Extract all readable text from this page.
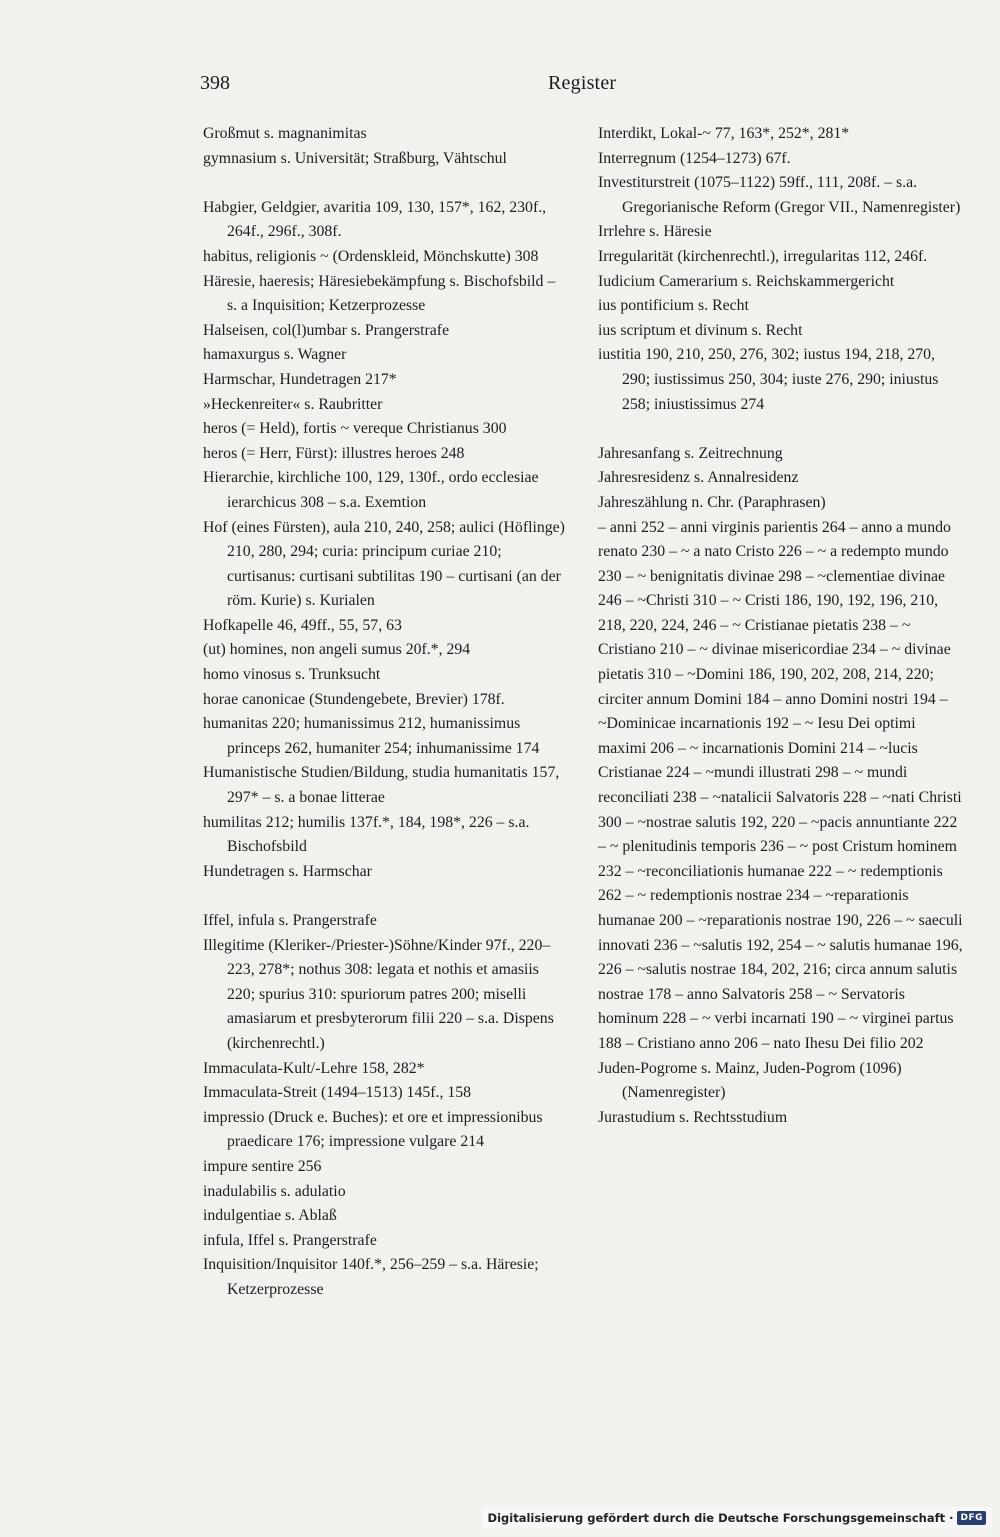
398	Register

Großmut s. magnanimitas

gymnasium s. Universität; Straßburg, Vähtschul

Habgier, Geldgier, avaritia 109, 130, 157*, 162, 230f., 264f., 296f., 308f.

habitus, religionis ~ (Ordenskleid, Mönchskutte) 308

Häresie, haeresis; Häresiebekämpfung s. Bischofsbild – s. a Inquisition; Ketzerprozesse

Halseisen, col(l)umbar s. Prangerstrafe

hamaxurgus s. Wagner

Harmschar, Hundetragen 217*

»Heckenreiter« s. Raubritter

heros (= Held), fortis ~ vereque Christianus 300

heros (= Herr, Fürst): illustres heroes 248

Hierarchie, kirchliche 100, 129, 130f., ordo ecclesiae ierarchicus 308 – s.a. Exemtion

Hof (eines Fürsten), aula 210, 240, 258; aulici (Höflinge) 210, 280, 294; curia: principum curiae 210; curtisanus: curtisani subtilitas 190 – curtisani (an der röm. Kurie) s. Kurialen

Hofkapelle 46, 49ff., 55, 57, 63

(ut) homines, non angeli sumus 20f.*, 294

homo vinosus s. Trunksucht

horae canonicae (Stundengebete, Brevier) 178f.

humanitas 220; humanissimus 212, humanissimus princeps 262, humaniter 254; inhumanissime 174

Humanistische Studien/Bildung, studia humanitatis 157, 297* – s. a bonae litterae

humilitas 212; humilis 137f.*, 184, 198*, 226 – s.a. Bischofsbild

Hundetragen s. Harmschar

Iffel, infula s. Prangerstrafe

Illegitime (Kleriker-/Priester-)Söhne/Kinder 97f., 220–223, 278*; nothus 308: legata et nothis et amasiis 220; spurius 310: spuriorum patres 200; miselli amasiarum et presbyterorum filii 220 – s.a. Dispens (kirchenrechtl.)

Immaculata-Kult/-Lehre 158, 282*

Immaculata-Streit (1494–1513) 145f., 158

impressio (Druck e. Buches): et ore et impressionibus praedicare 176; impressione vulgare 214

impure sentire 256

inadulabilis s. adulatio

indulgentiae s. Ablaß

infula, Iffel s. Prangerstrafe

Inquisition/Inquisitor 140f.*, 256–259 – s.a. Häresie; Ketzerprozesse

Interdikt, Lokal-~ 77, 163*, 252*, 281*

Interregnum (1254–1273) 67f.

Investiturstreit (1075–1122) 59ff., 111, 208f. – s.a. Gregorianische Reform (Gregor VII., Namenregister)

Irrlehre s. Häresie

Irregularität (kirchenrechtl.), irregularitas 112, 246f.

Iudicium Camerarium s. Reichskammergericht

ius pontificium s. Recht

ius scriptum et divinum s. Recht

iustitia 190, 210, 250, 276, 302; iustus 194, 218, 270, 290; iustissimus 250, 304; iuste 276, 290; iniustus 258; iniustissimus 274

Jahresanfang s. Zeitrechnung

Jahresresidenz s. Annalresidenz

Jahreszählung n. Chr. (Paraphrasen)

– anni 252 – anni virginis parientis 264 – anno a mundo renato 230 – ~ a nato Cristo 226 – ~ a redempto mundo 230 – ~ benignitatis divinae 298 – ~clementiae divinae 246 – ~Christi 310 – ~ Cristi 186, 190, 192, 196, 210, 218, 220, 224, 246 – ~ Cristianae pietatis 238 – ~ Cristiano 210 – ~ divinae misericordiae 234 – ~ divinae pietatis 310 – ~Domini 186, 190, 202, 208, 214, 220; circiter annum Domini 184 – anno Domini nostri 194 – ~Dominicae incarnationis 192 – ~ Iesu Dei optimi maximi 206 – ~ incarnationis Domini 214 – ~lucis Cristianae 224 – ~mundi illustrati 298 – ~ mundi reconciliati 238 – ~natalicii Salvatoris 228 – ~nati Christi 300 – ~nostrae salutis 192, 220 – ~pacis annuntiante 222 – ~ plenitudinis temporis 236 – ~ post Cristum hominem 232 – ~reconciliationis humanae 222 – ~ redemptionis 262 – ~ redemptionis nostrae 234 – ~reparationis humanae 200 – ~reparationis nostrae 190, 226 – ~ saeculi innovati 236 – ~salutis 192, 254 – ~ salutis humanae 196, 226 – ~salutis nostrae 184, 202, 216; circa annum salutis nostrae 178 – anno Salvatoris 258 – ~ Servatoris hominum 228 – ~ verbi incarnati 190 – ~ virginei partus 188 – Cristiano anno 206 – nato Ihesu Dei filio 202

Juden-Pogrome s. Mainz, Juden-Pogrom (1096) (Namenregister)

Jurastudium s. Rechtsstudium

Digitalisierung gefördert durch die Deutsche Forschungsgemeinschaft · DFG
